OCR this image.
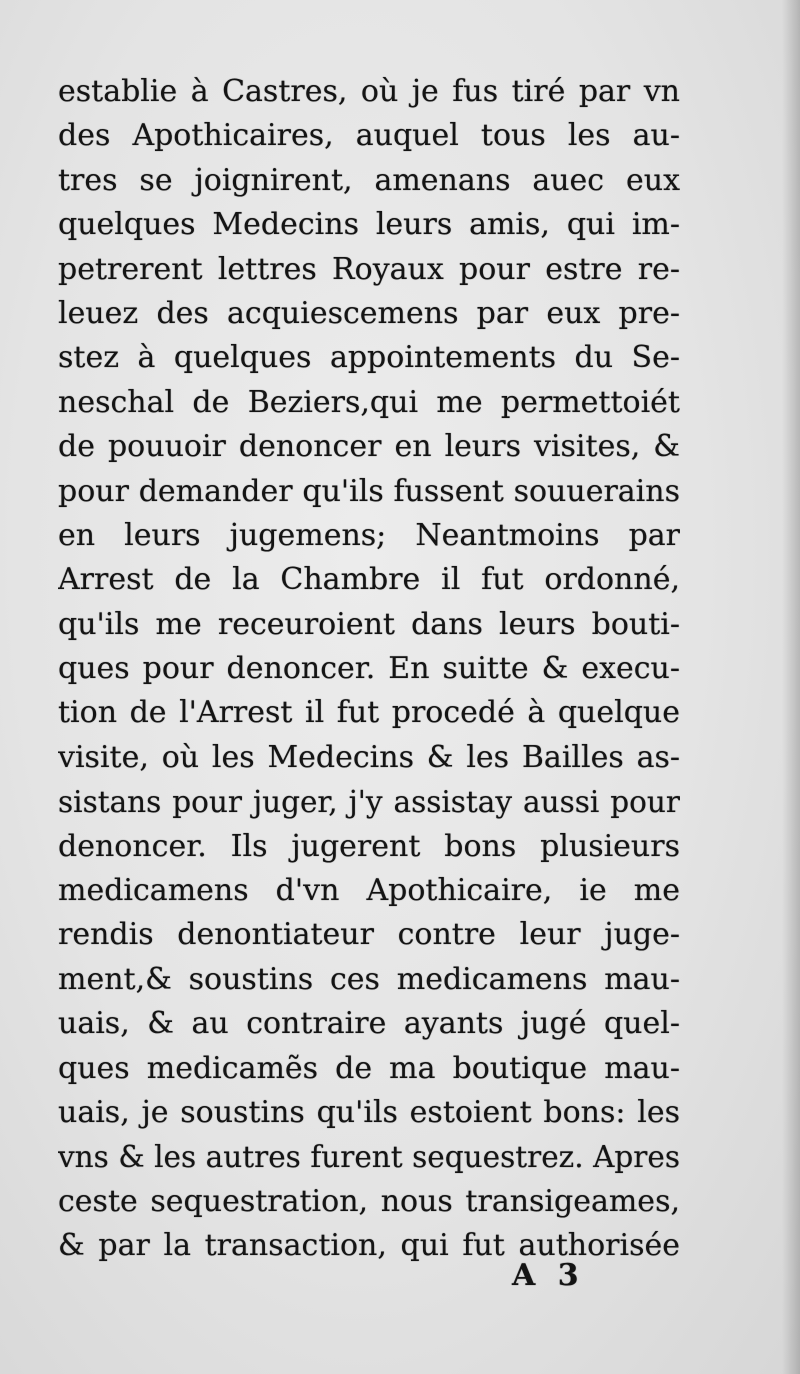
establie à Castres, où je fus tiré par vn
des Apothicaires, auquel tous les au-
tres se joignirent, amenans auec eux
quelques Medecins leurs amis, qui im-
petrerent lettres Royaux pour estre re-
leuez des acquiescemens par eux pre-
stez à quelques appointements du Se-
neschal de Beziers,qui me permettoiét
de pouuoir denoncer en leurs visites, &
pour demander qu'ils fussent souuerains
en leurs jugemens; Neantmoins par
Arrest de la Chambre il fut ordonné,
qu'ils me receuroient dans leurs bouti-
ques pour denoncer. En suitte & execu-
tion de l'Arrest il fut procedé à quelque
visite, où les Medecins & les Bailles as-
sistans pour juger, j'y assistay aussi pour
denoncer. Ils jugerent bons plusieurs
medicamens d'vn Apothicaire, ie me
rendis denontiateur contre leur juge-
ment,& soustins ces medicamens mau-
uais, & au contraire ayants jugé quel-
ques medicamẽs de ma boutique mau-
uais, je soustins qu'ils estoient bons: les
vns & les autres furent sequestrez. Apres
ceste sequestration, nous transigeames,
& par la transaction, qui fut authorisée
A 3
